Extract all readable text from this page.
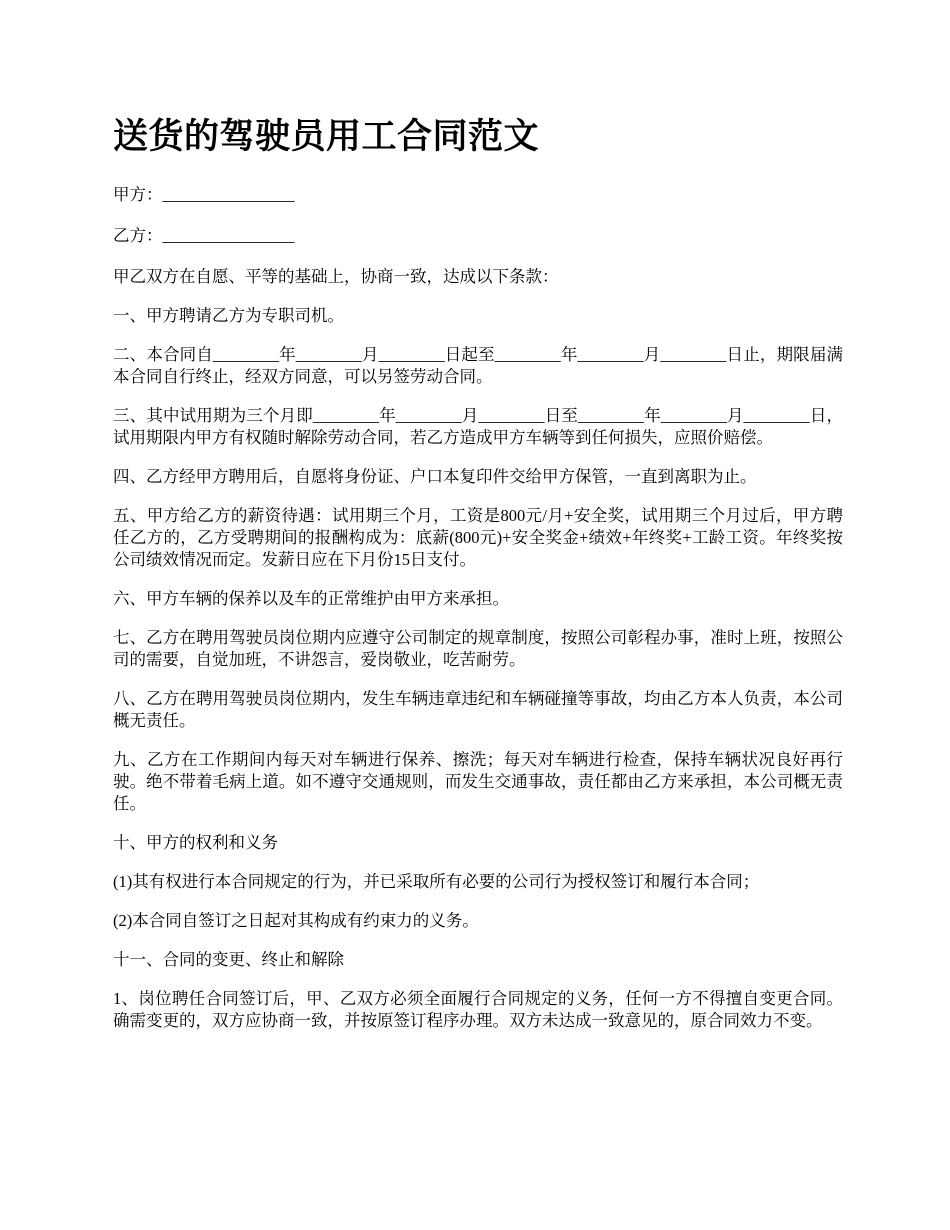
送货的驾驶员用工合同范文

甲方：________________

乙方：________________

甲乙双方在自愿、平等的基础上，协商一致，达成以下条款：

一、甲方聘请乙方为专职司机。

二、本合同自________年________月________日起至________年________月________日止，期限届满本合同自行终止，经双方同意，可以另签劳动合同。

三、其中试用期为三个月即________年________月________日至________年________月________日，试用期限内甲方有权随时解除劳动合同，若乙方造成甲方车辆等到任何损失，应照价赔偿。

四、乙方经甲方聘用后，自愿将身份证、户口本复印件交给甲方保管，一直到离职为止。

五、甲方给乙方的薪资待遇：试用期三个月，工资是800元/月+安全奖，试用期三个月过后，甲方聘任乙方的，乙方受聘期间的报酬构成为：底薪(800元)+安全奖金+绩效+年终奖+工龄工资。年终奖按公司绩效情况而定。发薪日应在下月份15日支付。

六、甲方车辆的保养以及车的正常维护由甲方来承担。

七、乙方在聘用驾驶员岗位期内应遵守公司制定的规章制度，按照公司彰程办事，准时上班，按照公司的需要，自觉加班，不讲怨言，爱岗敬业，吃苦耐劳。

八、乙方在聘用驾驶员岗位期内，发生车辆违章违纪和车辆碰撞等事故，均由乙方本人负责，本公司概无责任。

九、乙方在工作期间内每天对车辆进行保养、擦洗；每天对车辆进行检查，保持车辆状况良好再行驶。绝不带着毛病上道。如不遵守交通规则，而发生交通事故，责任都由乙方来承担，本公司概无责任。

十、甲方的权利和义务

(1)其有权进行本合同规定的行为，并已采取所有必要的公司行为授权签订和履行本合同；

(2)本合同自签订之日起对其构成有约束力的义务。

十一、合同的变更、终止和解除

1、岗位聘任合同签订后，甲、乙双方必须全面履行合同规定的义务，任何一方不得擅自变更合同。确需变更的，双方应协商一致，并按原签订程序办理。双方未达成一致意见的，原合同效力不变。
